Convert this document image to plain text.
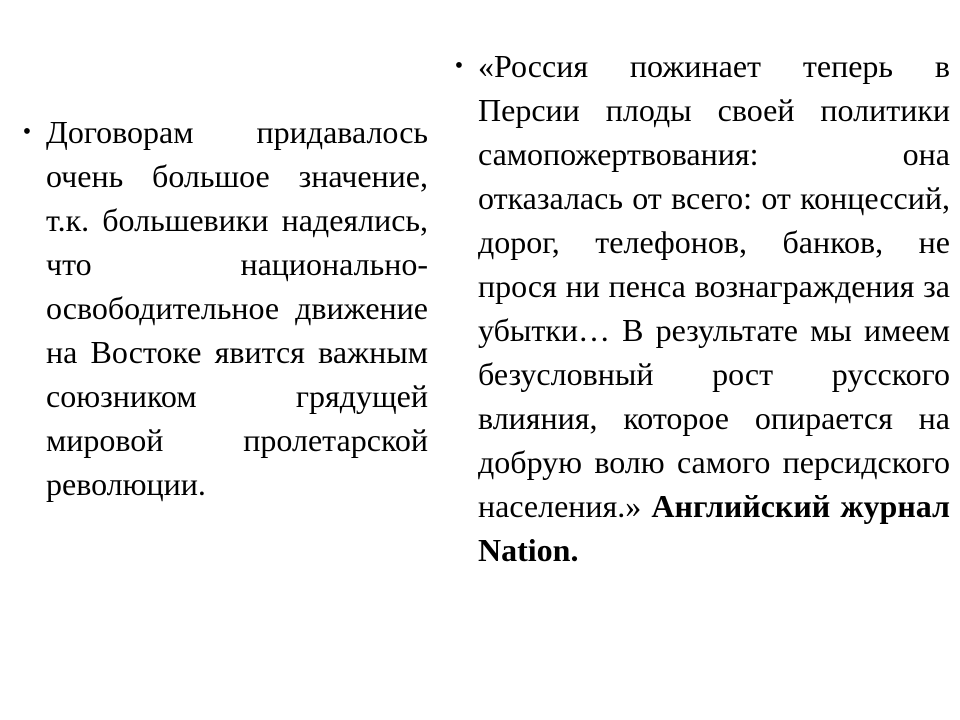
• Договорам придавалось очень большое значение, т.к. большевики надеялись, что национально-освободительное движение на Востоке явится важным союзником грядущей мировой пролетарской революции.
• «Россия пожинает теперь в Персии плоды своей политики самопожертвования: она отказалась от всего: от концессий, дорог, телефонов, банков, не прося ни пенса вознаграждения за убытки… В результате мы имеем безусловный рост русского влияния, которое опирается на добрую волю самого персидского населения.» Английский журнал Nation.
